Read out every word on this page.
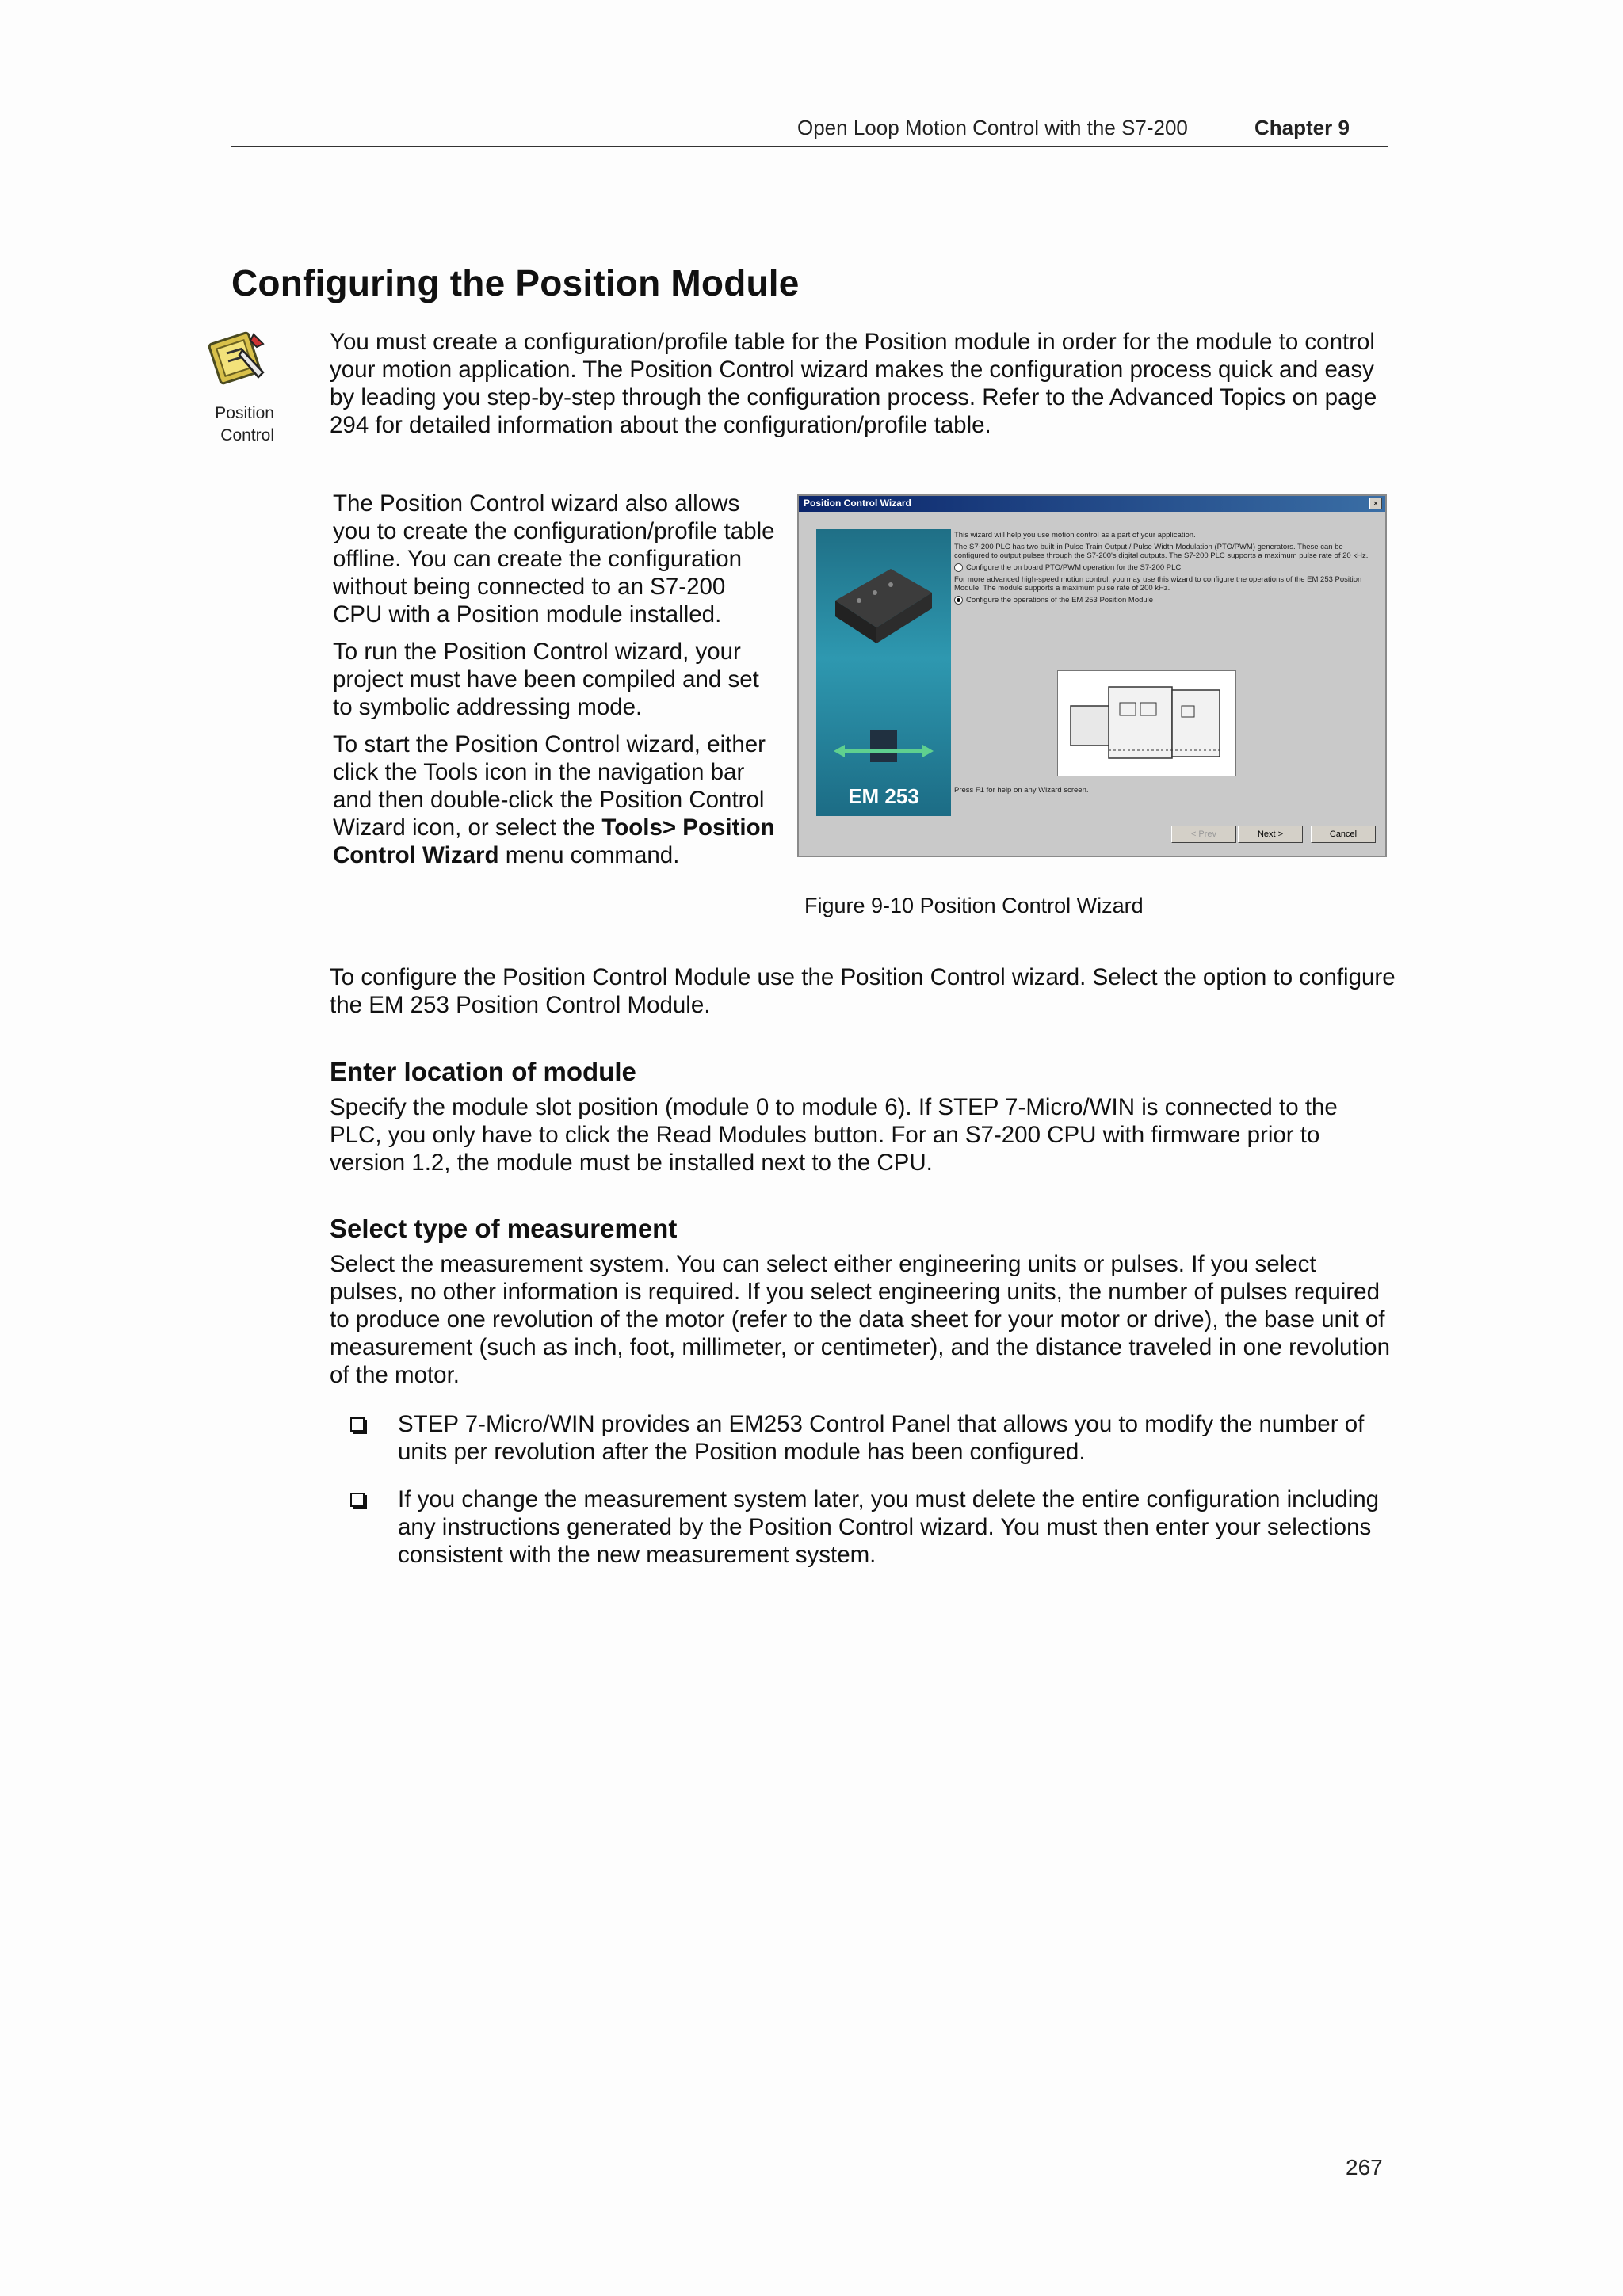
Open Loop Motion Control with the S7-200	Chapter 9
Configuring the Position Module
Position
Control
You must create a configuration/profile table for the Position module in order for the module to control your motion application. The Position Control wizard makes the configuration process quick and easy by leading you step-by-step through the configuration process. Refer to the Advanced Topics on page 294 for detailed information about the configuration/profile table.

The Position Control wizard also allows you to create the configuration/profile table offline. You can create the configuration without being connected to an S7-200 CPU with a Position module installed.

To run the Position Control wizard, your project must have been compiled and set to symbolic addressing mode.

To start the Position Control wizard, either click the Tools icon in the navigation bar and then double-click the Position Control Wizard icon, or select the Tools> Position Control Wizard menu command.

Position Control Wizard	×
EM 253

This wizard will help you use motion control as a part of your application.

The S7-200 PLC has two built-in Pulse Train Output / Pulse Width Modulation (PTO/PWM) generators. These can be configured to output pulses through the S7-200's digital outputs. The S7-200 PLC supports a maximum pulse rate of 20 kHz.

Configure the on board PTO/PWM operation for the S7-200 PLC

For more advanced high-speed motion control, you may use this wizard to configure the operations of the EM 253 Position Module. The module supports a maximum pulse rate of 200 kHz.

Configure the operations of the EM 253 Position Module

Press F1 for help on any Wizard screen.
< Prev	Next >	Cancel
Figure 9-10 Position Control Wizard
To configure the Position Control Module use the Position Control wizard. Select the option to configure the EM 253 Position Control Module.
Enter location of module
Specify the module slot position (module 0 to module 6). If STEP 7-Micro/WIN is connected to the PLC, you only have to click the Read Modules button. For an S7-200 CPU with firmware prior to version 1.2, the module must be installed next to the CPU.
Select type of measurement
Select the measurement system. You can select either engineering units or pulses. If you select pulses, no other information is required. If you select engineering units, the number of pulses required to produce one revolution of the motor (refer to the data sheet for your motor or drive), the base unit of measurement (such as inch, foot, millimeter, or centimeter), and the distance traveled in one revolution of the motor.
STEP 7-Micro/WIN provides an EM253 Control Panel that allows you to modify the number of units per revolution after the Position module has been configured.
If you change the measurement system later, you must delete the entire configuration including any instructions generated by the Position Control wizard. You must then enter your selections consistent with the new measurement system.
267
